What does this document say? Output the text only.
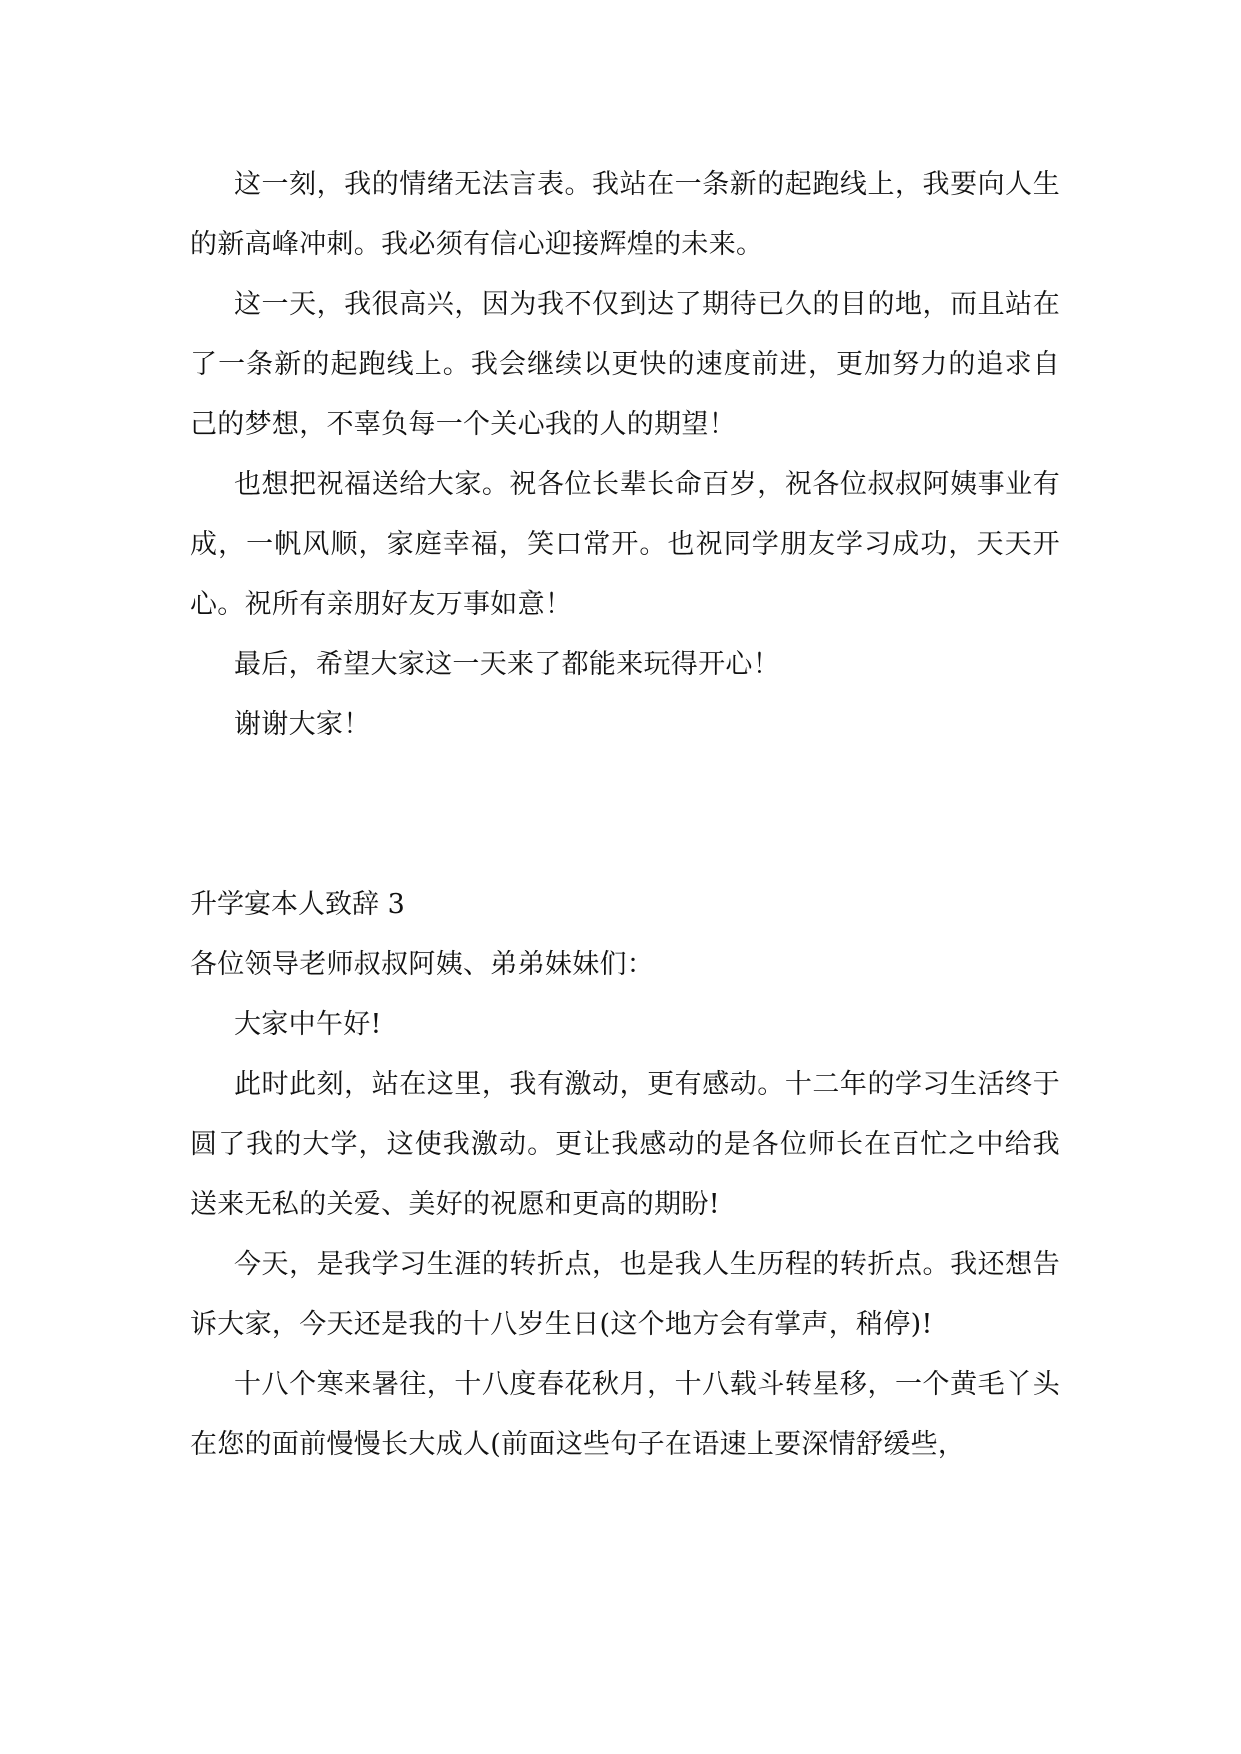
这一刻，我的情绪无法言表。我站在一条新的起跑线上，我要向人生的新高峰冲刺。我必须有信心迎接辉煌的未来。

这一天，我很高兴，因为我不仅到达了期待已久的目的地，而且站在了一条新的起跑线上。我会继续以更快的速度前进，更加努力的追求自己的梦想，不辜负每一个关心我的人的期望！

也想把祝福送给大家。祝各位长辈长命百岁，祝各位叔叔阿姨事业有成，一帆风顺，家庭幸福，笑口常开。也祝同学朋友学习成功，天天开心。祝所有亲朋好友万事如意！

最后，希望大家这一天来了都能来玩得开心！

谢谢大家！

升学宴本人致辞 3

各位领导老师叔叔阿姨、弟弟妹妹们：

大家中午好!

此时此刻，站在这里，我有激动，更有感动。十二年的学习生活终于圆了我的大学，这使我激动。更让我感动的是各位师长在百忙之中给我送来无私的关爱、美好的祝愿和更高的期盼!

今天，是我学习生涯的转折点，也是我人生历程的转折点。我还想告诉大家，今天还是我的十八岁生日(这个地方会有掌声，稍停)!

十八个寒来暑往，十八度春花秋月，十八载斗转星移，一个黄毛丫头在您的面前慢慢长大成人(前面这些句子在语速上要深情舒缓些，
